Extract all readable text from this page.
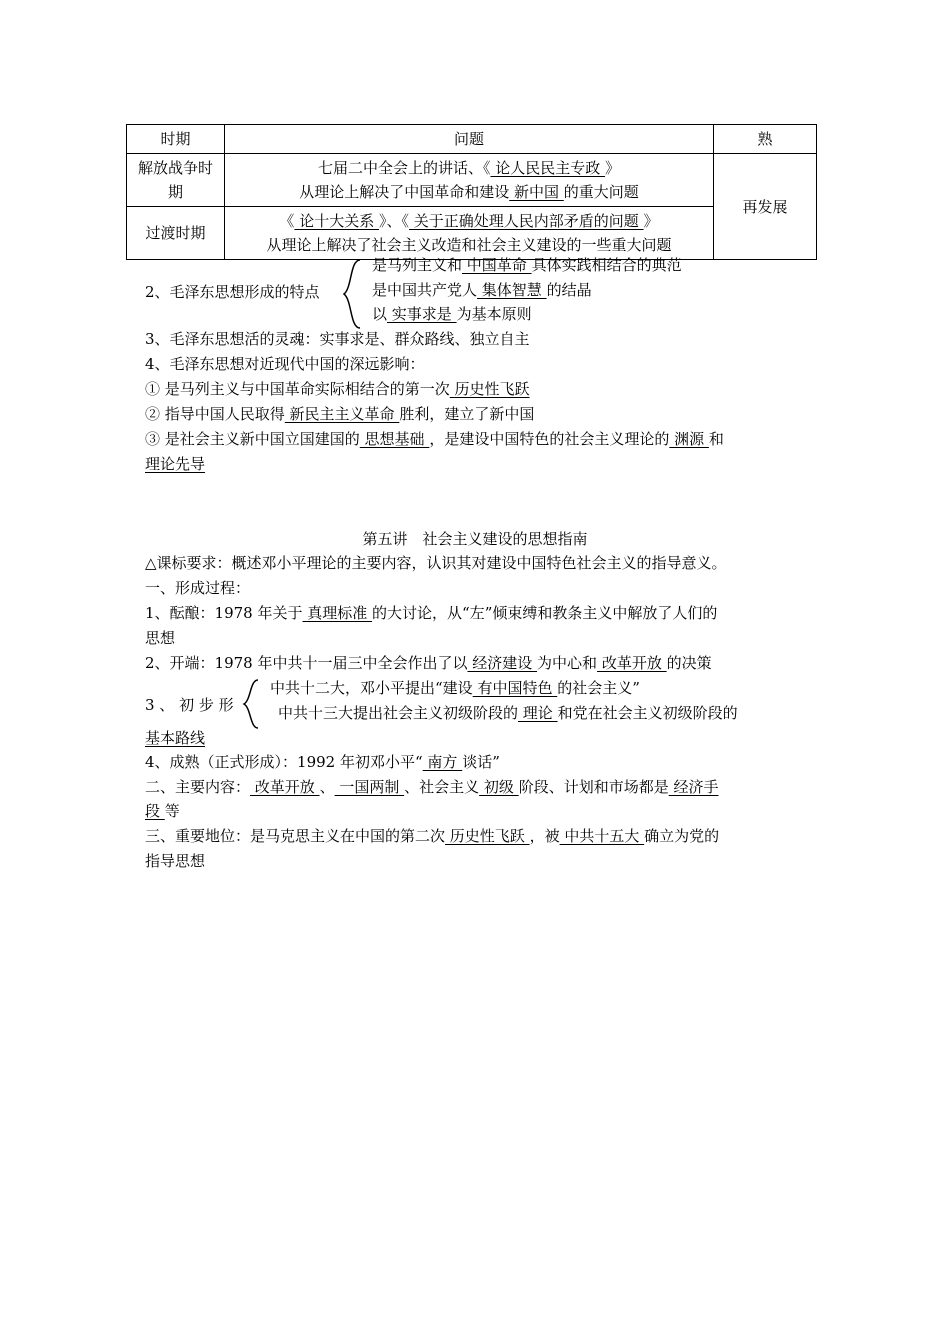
时期	问题	熟
解放战争时期	七届二中全会上的讲话、《 论人民民主专政 》
从理论上解决了中国革命和建设 新中国 的重大问题	再发展
过渡时期	《 论十大关系 》、《 关于正确处理人民内部矛盾的问题 》
从理论上解决了社会主义改造和社会主义建设的一些重大问题	
2、毛泽东思想形成的特点
是马列主义和 中国革命 具体实践相结合的典范
是中国共产党人 集体智慧 的结晶
以 实事求是 为基本原则
3、毛泽东思想活的灵魂：实事求是、群众路线、独立自主
4、毛泽东思想对近现代中国的深远影响：
① 是马列主义与中国革命实际相结合的第一次 历史性飞跃
② 指导中国人民取得 新民主主义革命 胜利，建立了新中国
③ 是社会主义新中国立国建国的 思想基础 ，是建设中国特色的社会主义理论的 渊源 和
理论先导
第五讲　社会主义建设的思想指南
△课标要求：概述邓小平理论的主要内容，认识其对建设中国特色社会主义的指导意义。
一、形成过程：
1、酝酿：1978 年关于 真理标准 的大讨论，从“左”倾束缚和教条主义中解放了人们的
思想
2、开端：1978 年中共十一届三中全会作出了以 经济建设 为中心和 改革开放 的决策
3 、 初 步 形
中共十二大，邓小平提出“建设 有中国特色 的社会主义”
中共十三大提出社会主义初级阶段的 理论 和党在社会主义初级阶段的
基本路线
4、成熟（正式形成）：1992 年初邓小平“ 南方 谈话”
二、主要内容： 改革开放 、 一国两制 、社会主义 初级 阶段、计划和市场都是 经济手
段 等
三、重要地位：是马克思主义在中国的第二次 历史性飞跃 ，被 中共十五大 确立为党的
指导思想
